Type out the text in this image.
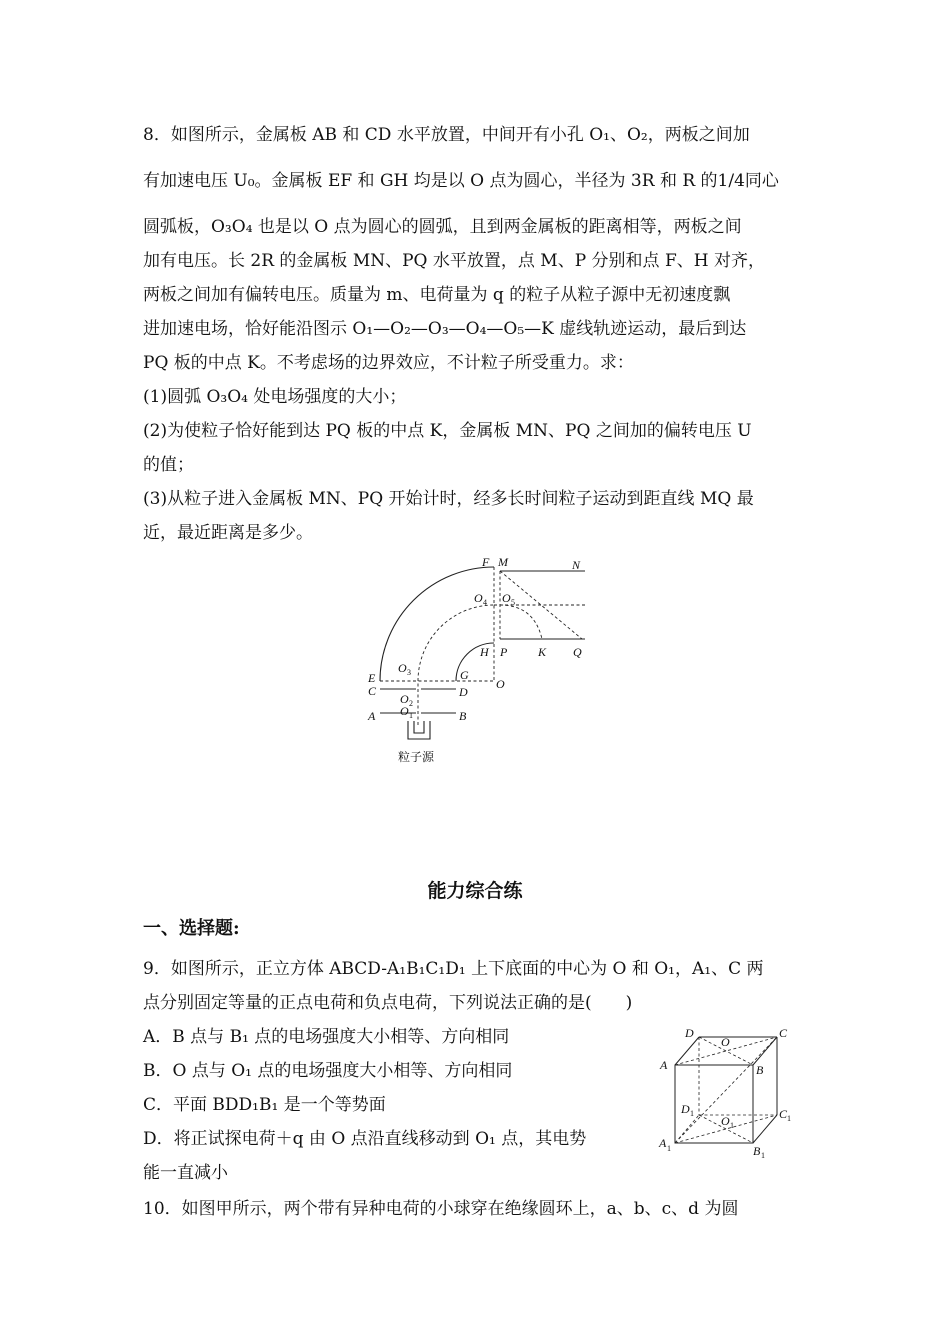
8．如图所示，金属板 AB 和 CD 水平放置，中间开有小孔 O₁、O₂，两板之间加
有加速电压 U₀。金属板 EF 和 GH 均是以 O 点为圆心，半径为 3R 和 R 的1/4同心
圆弧板，O₃O₄ 也是以 O 点为圆心的圆弧，且到两金属板的距离相等，两板之间
加有电压。长 2R 的金属板 MN、PQ 水平放置，点 M、P 分别和点 F、H 对齐，
两板之间加有偏转电压。质量为 m、电荷量为 q 的粒子从粒子源中无初速度飘
进加速电场，恰好能沿图示 O₁—O₂—O₃—O₄—O₅—K 虚线轨迹运动，最后到达
PQ 板的中点 K。不考虑场的边界效应，不计粒子所受重力。求：
(1)圆弧 O₃O₄ 处电场强度的大小；
(2)为使粒子恰好能到达 PQ 板的中点 K，金属板 MN、PQ 之间加的偏转电压 U
的值；
(3)从粒子进入金属板 MN、PQ 开始计时，经多长时间粒子运动到距直线 MQ 最
近，最近距离是多少。
F M	N
O 4 O 5
H P	K Q
E
O 3	G
O
C	D
O 2
A O 1	B
粒子源
能力综合练
一、选择题:
9．如图所示，正立方体 ABCD-A₁B₁C₁D₁ 上下底面的中心为 O 和 O₁，A₁、C 两
点分别固定等量的正点电荷和负点电荷，下列说法正确的是(　　)
A．B 点与 B₁ 点的电场强度大小相等、方向相同
B．O 点与 O₁ 点的电场强度大小相等、方向相同
C．平面 BDD₁B₁ 是一个等势面
D．将正试探电荷＋q 由 O 点沿直线移动到 O₁ 点，其电势
能一直减小
D
O
C
A	B
D 1
O 1
C 1
A 1	B 1
10．如图甲所示，两个带有异种电荷的小球穿在绝缘圆环上，a、b、c、d 为圆
